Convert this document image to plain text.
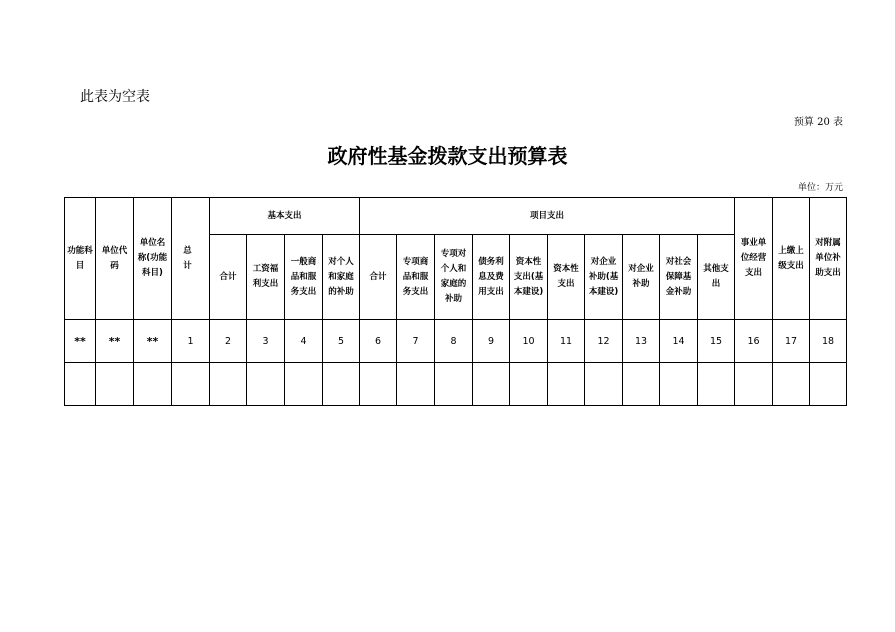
此表为空表
预算 20 表
政府性基金拨款支出预算表
单位：万元
功能科目	单位代码	单位名称(功能科目)	总 计	基本支出				项目支出										事业单位经营支出	上缴上级支出	对附属单位补助支出
				合计	工资福利支出	一般商品和服务支出	对个人和家庭的补助	合计	专项商品和服务支出	专项对个人和家庭的补助	债务利息及费用支出	资本性支出(基本建设)	资本性支出	对企业补助(基本建设)	对企业补助	对社会保障基金补助	其他支出			
**	**	**	1	2	3	4	5	6	7	8	9	10	11	12	13	14	15	16	17	18
